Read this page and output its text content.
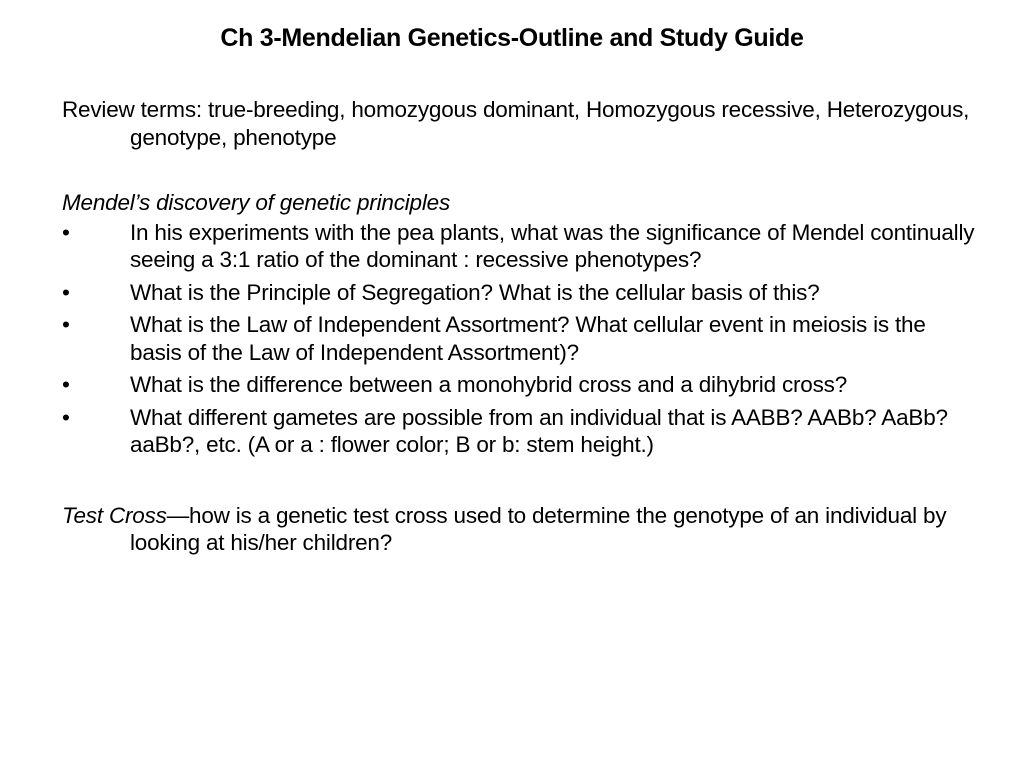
Ch 3-Mendelian Genetics-Outline and Study Guide

Review terms: true-breeding, homozygous dominant, Homozygous recessive, Heterozygous, genotype, phenotype

Mendel’s discovery of genetic principles

•	In his experiments with the pea plants, what was the significance of Mendel continually seeing a 3:1 ratio of the dominant : recessive phenotypes?
•	What is the Principle of Segregation? What is the cellular basis of this?
•	What is the Law of Independent Assortment? What cellular event in meiosis is the basis of the Law of Independent Assortment)?
•	What is the difference between a monohybrid cross and a dihybrid cross?
•	What different gametes are possible from an individual that is AABB? AABb? AaBb? aaBb?, etc. (A or a : flower color; B or b: stem height.)

Test Cross—how is a genetic test cross used to determine the genotype of an individual by looking at his/her children?
